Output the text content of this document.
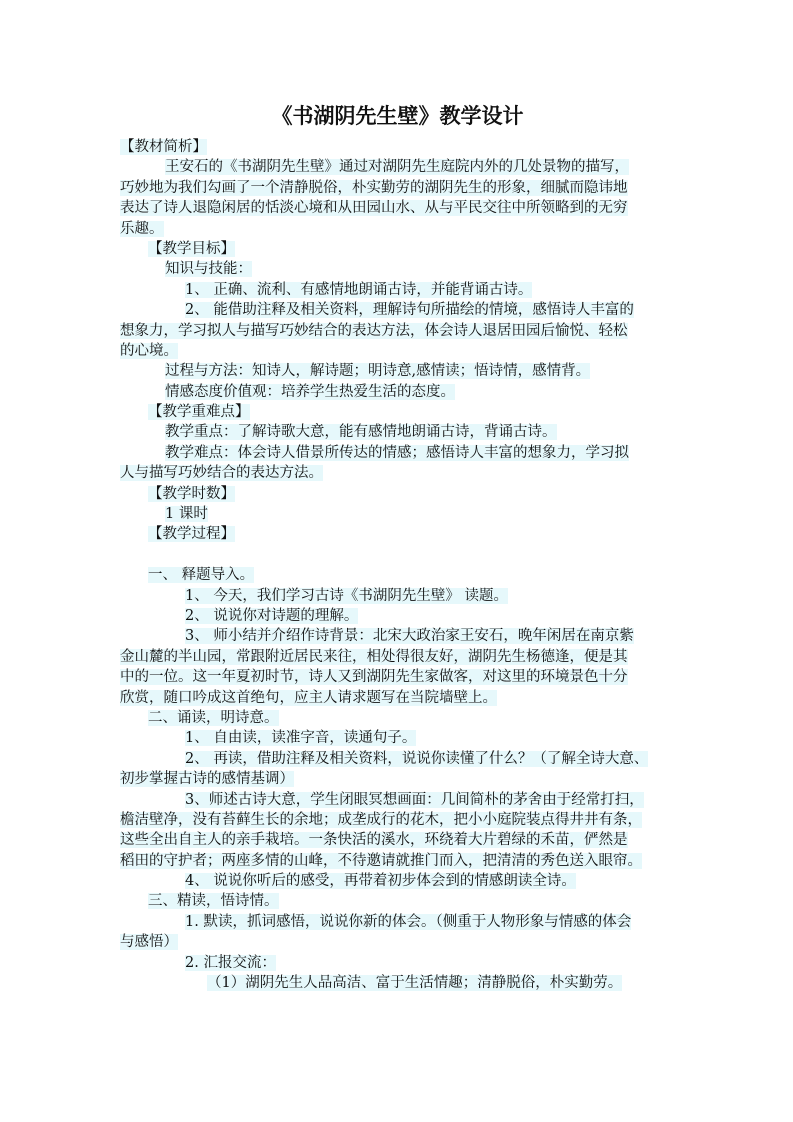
《书湖阴先生壁》教学设计
【教材简析】
王安石的《书湖阴先生壁》通过对湖阴先生庭院内外的几处景物的描写，
巧妙地为我们勾画了一个清静脱俗，朴实勤劳的湖阴先生的形象，细腻而隐讳地
表达了诗人退隐闲居的恬淡心境和从田园山水、从与平民交往中所领略到的无穷
乐趣。
【教学目标】
知识与技能：
1、 正确、流利、有感情地朗诵古诗，并能背诵古诗。
2、 能借助注释及相关资料，理解诗句所描绘的情境，感悟诗人丰富的
想象力，学习拟人与描写巧妙结合的表达方法，体会诗人退居田园后愉悦、轻松
的心境。
过程与方法：知诗人，解诗题；明诗意,感情读；悟诗情，感情背。
情感态度价值观：培养学生热爱生活的态度。
【教学重难点】
教学重点：了解诗歌大意，能有感情地朗诵古诗，背诵古诗。
教学难点：体会诗人借景所传达的情感；感悟诗人丰富的想象力，学习拟
人与描写巧妙结合的表达方法。
【教学时数】
1 课时
【教学过程】
一、 释题导入。
1、 今天，我们学习古诗《书湖阴先生壁》 读题。
2、 说说你对诗题的理解。
3、 师小结并介绍作诗背景：北宋大政治家王安石，晚年闲居在南京紫
金山麓的半山园，常跟附近居民来往，相处得很友好，湖阴先生杨德逢，便是其
中的一位。这一年夏初时节，诗人又到湖阴先生家做客，对这里的环境景色十分
欣赏，随口吟成这首绝句，应主人请求题写在当院墙壁上。
二、诵读，明诗意。
1、 自由读，读准字音，读通句子。
2、 再读，借助注释及相关资料，说说你读懂了什么？（了解全诗大意、
初步掌握古诗的感情基调）
3、师述古诗大意，学生闭眼冥想画面：几间简朴的茅舍由于经常打扫，
檐洁壁净，没有苔藓生长的余地；成垄成行的花木，把小小庭院装点得井井有条，
这些全出自主人的亲手栽培。一条快活的溪水，环绕着大片碧绿的禾苗，俨然是
稻田的守护者；两座多情的山峰，不待邀请就推门而入，把清清的秀色送入眼帘。
4、 说说你听后的感受，再带着初步体会到的情感朗读全诗。
三、精读，悟诗情。
1. 默读，抓词感悟，说说你新的体会。（侧重于人物形象与情感的体会
与感悟）
2. 汇报交流：
（1）湖阴先生人品高洁、富于生活情趣；清静脱俗，朴实勤劳。
